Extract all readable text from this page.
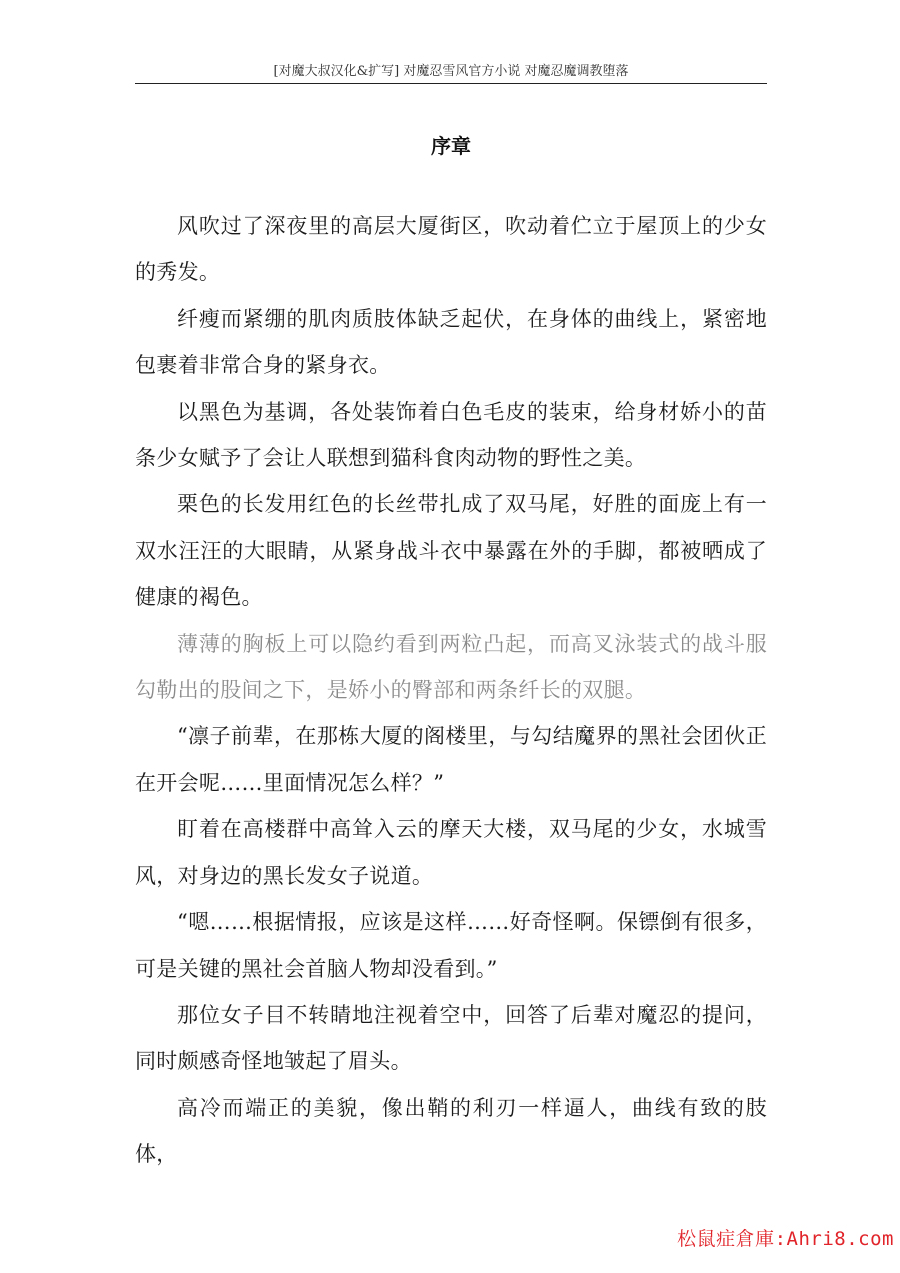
[对魔大叔汉化&扩写] 对魔忍雪风官方小说 对魔忍魔调教堕落
序章

风吹过了深夜里的高层大厦街区，吹动着伫立于屋顶上的少女的秀发。

纤瘦而紧绷的肌肉质肢体缺乏起伏，在身体的曲线上，紧密地包裹着非常合身的紧身衣。

以黑色为基调，各处装饰着白色毛皮的装束，给身材娇小的苗条少女赋予了会让人联想到猫科食肉动物的野性之美。

栗色的长发用红色的长丝带扎成了双马尾，好胜的面庞上有一双水汪汪的大眼睛，从紧身战斗衣中暴露在外的手脚，都被晒成了健康的褐色。

薄薄的胸板上可以隐约看到两粒凸起，而高叉泳装式的战斗服勾勒出的股间之下，是娇小的臀部和两条纤长的双腿。

“凛子前辈，在那栋大厦的阁楼里，与勾结魔界的黑社会团伙正在开会呢……里面情况怎么样？”

盯着在高楼群中高耸入云的摩天大楼，双马尾的少女，水城雪风，对身边的黑长发女子说道。

“嗯……根据情报，应该是这样……好奇怪啊。保镖倒有很多，可是关键的黑社会首脑人物却没看到。”

那位女子目不转睛地注视着空中，回答了后辈对魔忍的提问，同时颇感奇怪地皱起了眉头。

高冷而端正的美貌，像出鞘的利刃一样逼人，曲线有致的肢体，

松鼠症倉庫:Ahri8.com
